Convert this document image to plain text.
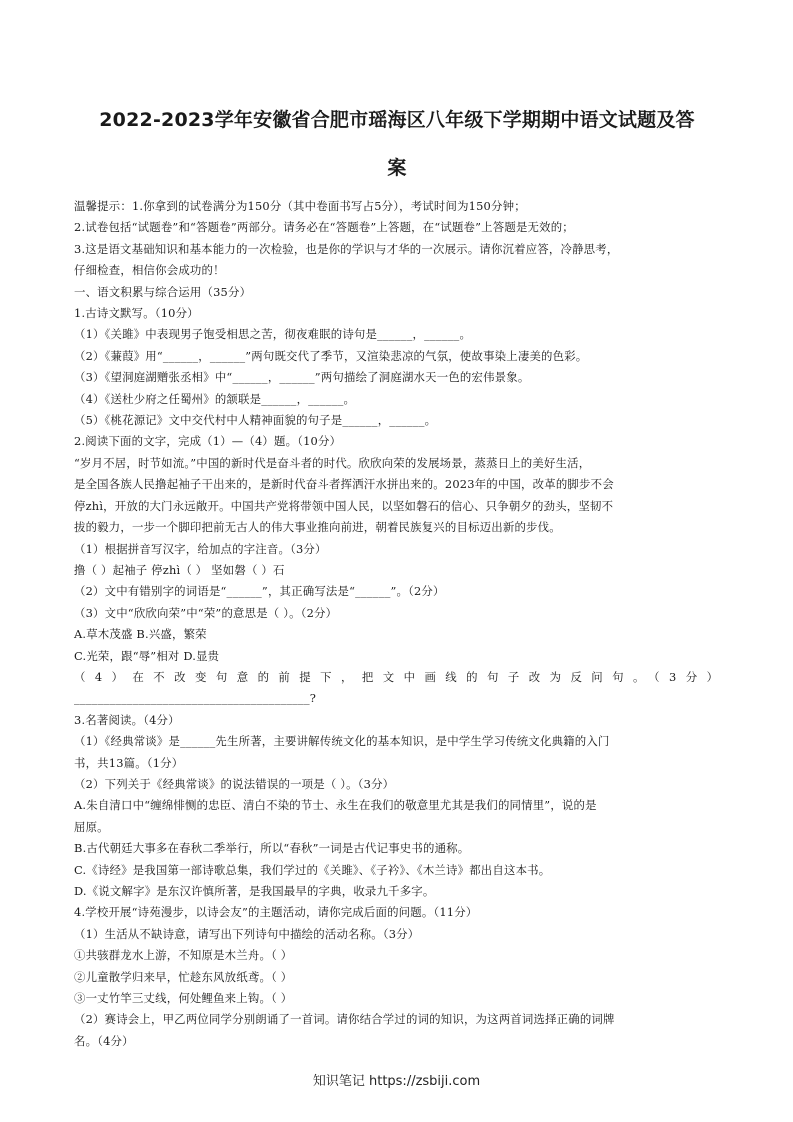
2022-2023学年安徽省合肥市瑶海区八年级下学期期中语文试题及答
案
温馨提示：1.你拿到的试卷满分为150分（其中卷面书写占5分），考试时间为150分钟；
2.试卷包括“试题卷”和“答题卷”两部分。请务必在“答题卷”上答题，在“试题卷”上答题是无效的；
3.这是语文基础知识和基本能力的一次检验，也是你的学识与才华的一次展示。请你沉着应答，冷静思考，
仔细检查，相信你会成功的！
一、语文积累与综合运用（35分）
1.古诗文默写。（10分）
（1）《关雎》中表现男子饱受相思之苦，彻夜难眠的诗句是______，______。
（2）《蒹葭》用“______，______”两句既交代了季节，又渲染悲凉的气氛，使故事染上凄美的色彩。
（3）《望洞庭湖赠张丞相》中“______，______”两句描绘了洞庭湖水天一色的宏伟景象。
（4）《送杜少府之任蜀州》的颔联是______，______。
（5）《桃花源记》文中交代村中人精神面貌的句子是______，______。
2.阅读下面的文字，完成（1）—（4）题。（10分）
“岁月不居，时节如流。”中国的新时代是奋斗者的时代。欣欣向荣的发展场景，蒸蒸日上的美好生活，
是全国各族人民撸起袖子干出来的，是新时代奋斗者挥洒汗水拼出来的。2023年的中国，改革的脚步不会
停zhì，开放的大门永远敞开。中国共产党将带领中国人民，以坚如磐石的信心、只争朝夕的劲头，坚韧不
拔的毅力，一步一个脚印把前无古人的伟大事业推向前进，朝着民族复兴的目标迈出新的步伐。
（1）根据拼音写汉字，给加点的字注音。（3分）
撸（ ）起袖子 停zhì（ ） 坚如磐（ ）石
（2）文中有错别字的词语是“______”，其正确写法是“______”。（2分）
（3）文中“欣欣向荣”中“荣”的意思是（ ）。（2分）
A.草木茂盛 B.兴盛，繁荣
C.光荣，跟“辱”相对 D.显贵
（4）在不改变句意的前提下，把文中画线的句子改为反问句。（3分）
________________________________________?
3.名著阅读。（4分）
（1）《经典常谈》是______先生所著，主要讲解传统文化的基本知识，是中学生学习传统文化典籍的入门
书，共13篇。（1分）
（2）下列关于《经典常谈》的说法错误的一项是（ ）。（3分）
A.朱自清口中“缠绵悱恻的忠臣、清白不染的节士、永生在我们的敬意里尤其是我们的同情里”，说的是
屈原。
B.古代朝廷大事多在春秋二季举行，所以“春秋”一词是古代记事史书的通称。
C.《诗经》是我国第一部诗歌总集，我们学过的《关雎》、《子衿》、《木兰诗》都出自这本书。
D.《说文解字》是东汉许慎所著，是我国最早的字典，收录九千多字。
4.学校开展“诗苑漫步，以诗会友”的主题活动，请你完成后面的问题。（11分）
（1）生活从不缺诗意，请写出下列诗句中描绘的活动名称。（3分）
①共骇群龙水上游，不知原是木兰舟。（ ）
②儿童散学归来早，忙趁东风放纸鸢。（ ）
③一丈竹竿三丈线，何处鲤鱼来上钩。（ ）
（2）赛诗会上，甲乙两位同学分别朗诵了一首词。请你结合学过的词的知识，为这两首词选择正确的词牌
名。（4分）
知识笔记 https://zsbiji.com
